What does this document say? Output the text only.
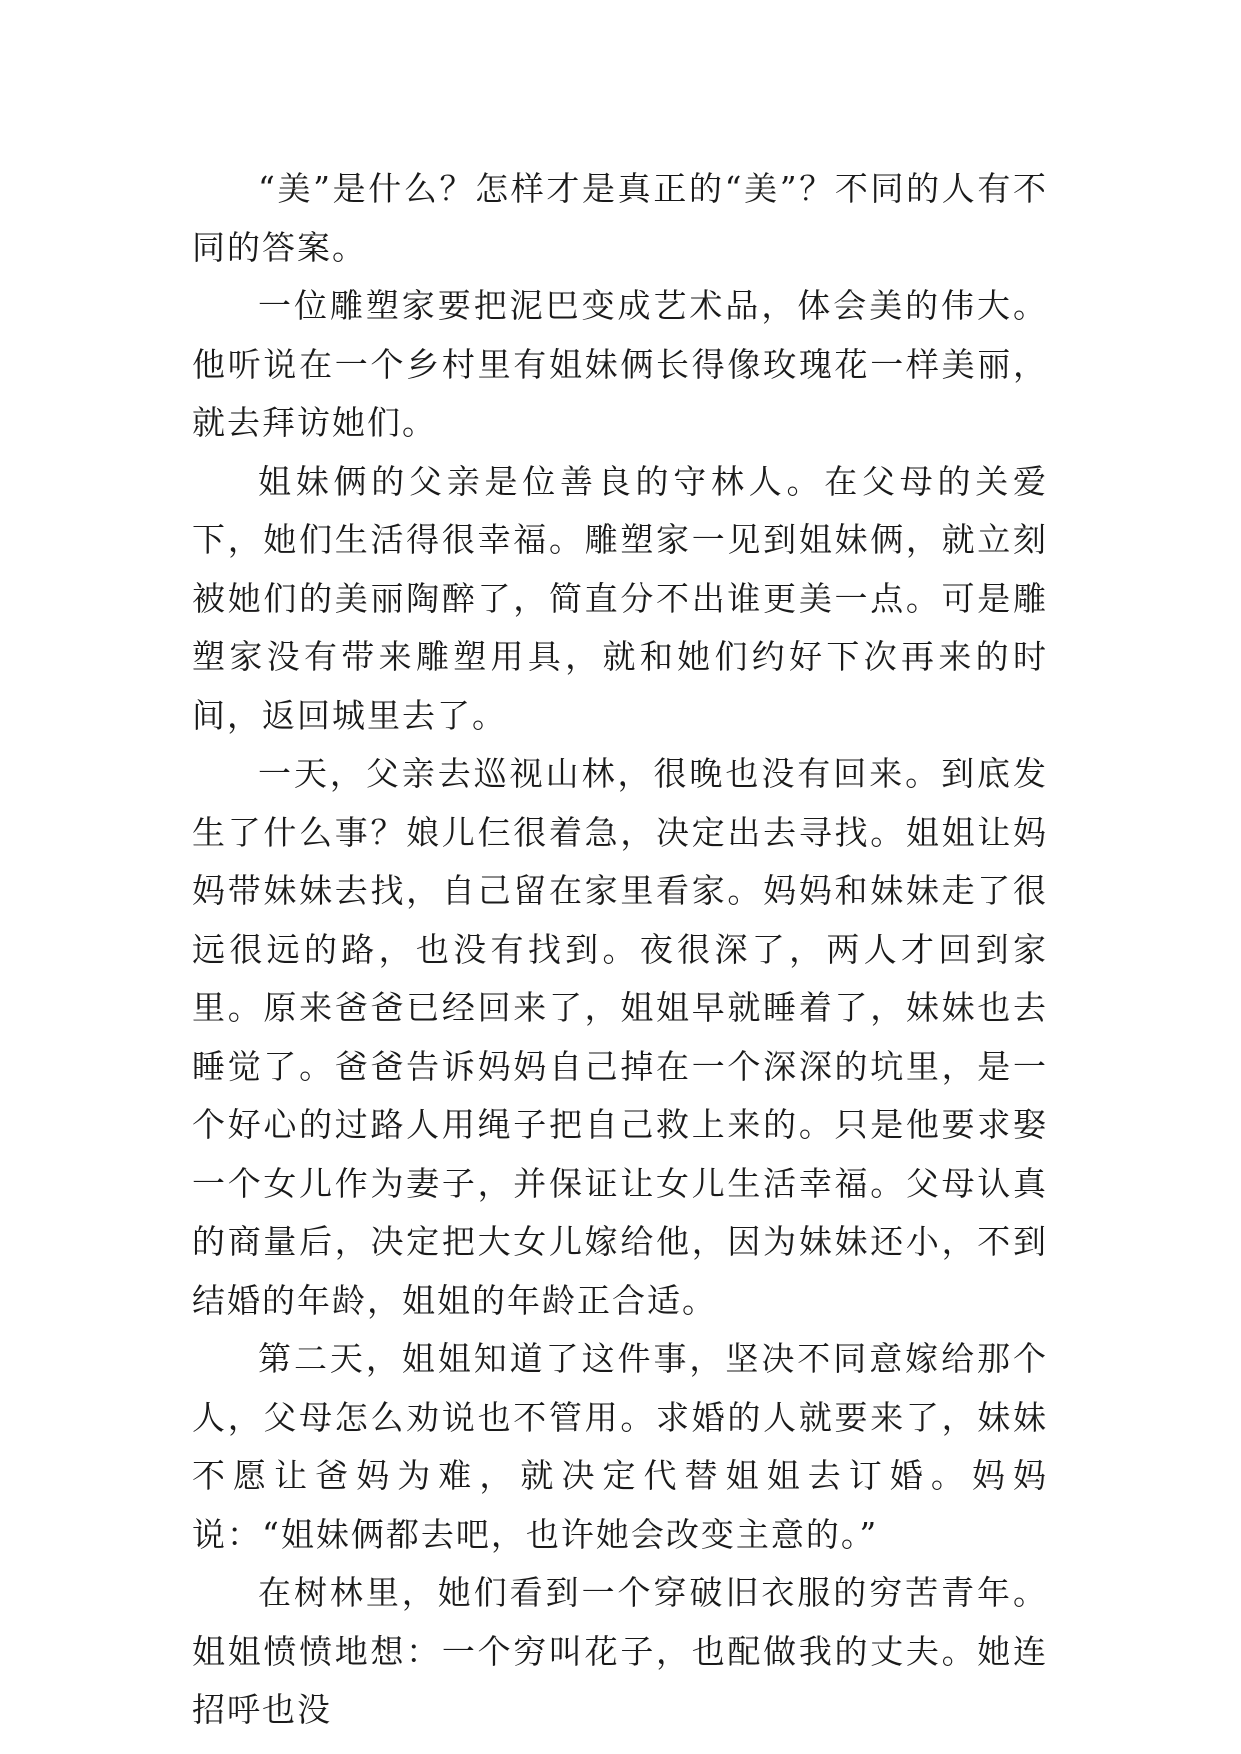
“美”是什么？怎样才是真正的“美”？不同的人有不同的答案。

一位雕塑家要把泥巴变成艺术品，体会美的伟大。他听说在一个乡村里有姐妹俩长得像玫瑰花一样美丽，就去拜访她们。

姐妹俩的父亲是位善良的守林人。在父母的关爱下，她们生活得很幸福。雕塑家一见到姐妹俩，就立刻被她们的美丽陶醉了，简直分不出谁更美一点。可是雕塑家没有带来雕塑用具，就和她们约好下次再来的时间，返回城里去了。

一天，父亲去巡视山林，很晚也没有回来。到底发生了什么事？娘儿仨很着急，决定出去寻找。姐姐让妈妈带妹妹去找，自己留在家里看家。妈妈和妹妹走了很远很远的路，也没有找到。夜很深了，两人才回到家里。原来爸爸已经回来了，姐姐早就睡着了，妹妹也去睡觉了。爸爸告诉妈妈自己掉在一个深深的坑里，是一个好心的过路人用绳子把自己救上来的。只是他要求娶一个女儿作为妻子，并保证让女儿生活幸福。父母认真的商量后，决定把大女儿嫁给他，因为妹妹还小，不到结婚的年龄，姐姐的年龄正合适。

第二天，姐姐知道了这件事，坚决不同意嫁给那个人，父母怎么劝说也不管用。求婚的人就要来了，妹妹不愿让爸妈为难，就决定代替姐姐去订婚。妈妈说：“姐妹俩都去吧，也许她会改变主意的。”

在树林里，她们看到一个穿破旧衣服的穷苦青年。姐姐愤愤地想：一个穷叫花子，也配做我的丈夫。她连招呼也没
